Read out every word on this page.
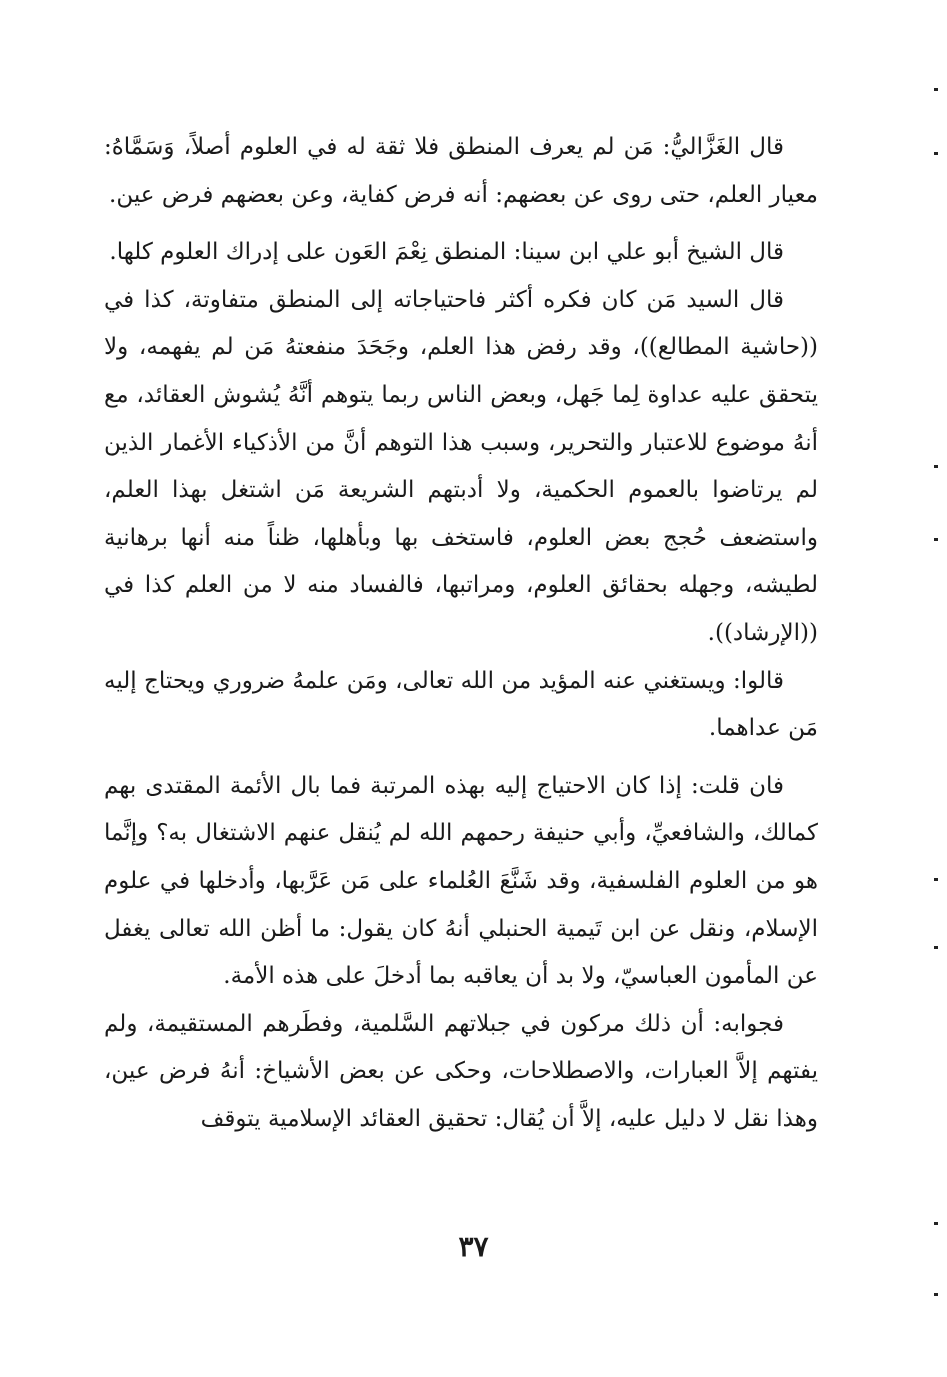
قال الغَزَّاليُّ: مَن لم يعرف المنطق فلا ثقة له في العلوم أصلاً، وَسَمَّاهُ: معيار العلم، حتى روى عن بعضهم: أنه فرض كفاية، وعن بعضهم فرض عين.

قال الشيخ أبو علي ابن سينا: المنطق نِعْمَ العَون على إدراك العلوم كلها.

قال السيد مَن كان فكره أكثر فاحتياجاته إلى المنطق متفاوتة، كذا في ((حاشية المطالع))، وقد رفض هذا العلم، وجَحَدَ منفعتهُ مَن لم يفهمه، ولا يتحقق عليه عداوة لِما جَهل، وبعض الناس ربما يتوهم أنَّهُ يُشوش العقائد، مع أنهُ موضوع للاعتبار والتحرير، وسبب هذا التوهم أنَّ من الأذكياء الأغمار الذين لم يرتاضوا بالعموم الحكمية، ولا أدبتهم الشريعة مَن اشتغل بهذا العلم، واستضعف حُجج بعض العلوم، فاستخف بها وبأهلها، ظناً منه أنها برهانية لطيشه، وجهله بحقائق العلوم، ومراتبها، فالفساد منه لا من العلم كذا في ((الإرشاد)).

قالوا: ويستغني عنه المؤيد من الله تعالى، ومَن علمهُ ضروري ويحتاج إليه مَن عداهما.

فان قلت: إذا كان الاحتياج إليه بهذه المرتبة فما بال الأئمة المقتدى بهم كمالك، والشافعيِّ، وأبي حنيفة رحمهم الله لم يُنقل عنهم الاشتغال به؟ وإنَّما هو من العلوم الفلسفية، وقد شَنَّعَ العُلماء على مَن عَرَّبها، وأدخلها في علوم الإسلام، ونقل عن ابن تَيمية الحنبلي أنهُ كان يقول: ما أظن الله تعالى يغفل عن المأمون العباسيّ، ولا بد أن يعاقبه بما أدخلَ على هذه الأمة.

فجوابه: أن ذلك مركون في جبلاتهم السَّلمية، وفطَرهم المستقيمة، ولم يفتهم إلاَّ العبارات، والاصطلاحات، وحكى عن بعض الأشياخ: أنهُ فرض عين، وهذا نقل لا دليل عليه، إلاَّ أن يُقال: تحقيق العقائد الإسلامية يتوقف

٣٧
